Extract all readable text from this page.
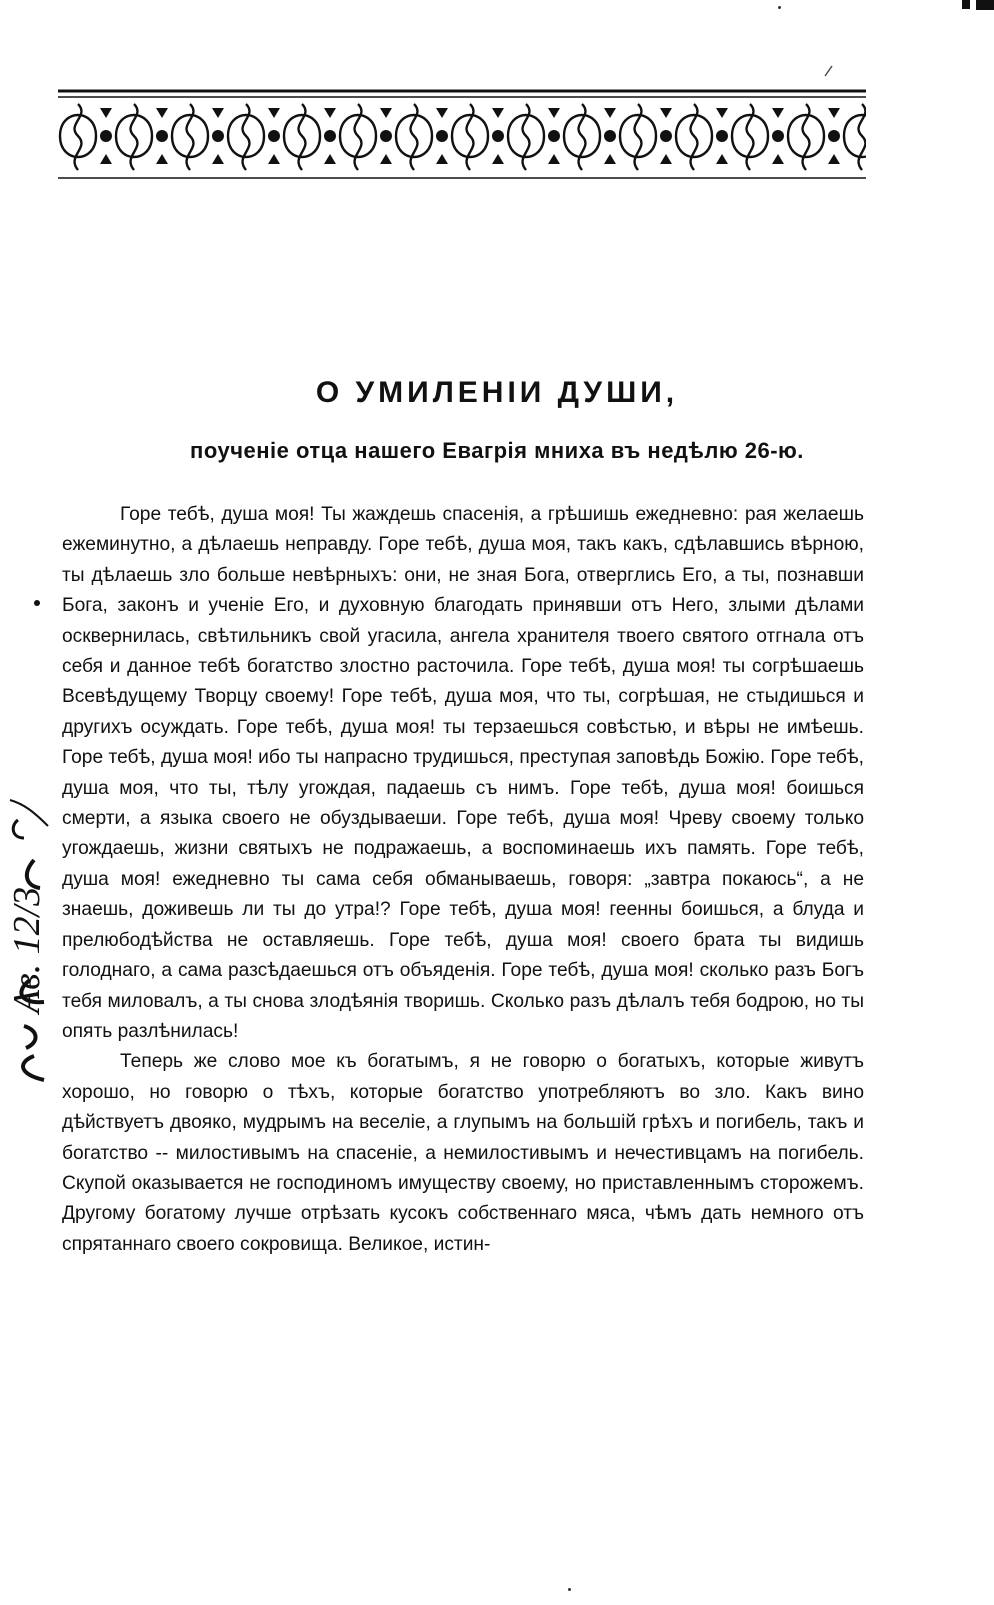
Ав. 12/3
О УМИЛЕНІИ ДУШИ,
поученіе отца нашего Евагрія мниха въ недѣлю 26-ю.

Горе тебѣ, душа моя! Ты жаждешь спасенія, а грѣшишь ежедневно: рая желаешь ежеминутно, а дѣлаешь неправду. Горе тебѣ, душа моя, такъ какъ, сдѣлавшись вѣрною, ты дѣлаешь зло больше невѣрныхъ: они, не зная Бога, отверглись Его, а ты, познавши Бога, законъ и ученіе Его, и духовную благодать принявши отъ Него, злыми дѣлами осквернилась, свѣтильникъ свой угасила, ангела хранителя твоего святого отгнала отъ себя и данное тебѣ богатство злостно расточила. Горе тебѣ, душа моя! ты согрѣшаешь Всевѣдущему Творцу своему! Горе тебѣ, душа моя, что ты, согрѣшая, не стыдишься и другихъ осуждать. Горе тебѣ, душа моя! ты терзаешься совѣстью, и вѣры не имѣешь. Горе тебѣ, душа моя! ибо ты напрасно трудишься, преступая заповѣдь Божію. Горе тебѣ, душа моя, что ты, тѣлу угождая, падаешь съ нимъ. Горе тебѣ, душа моя! боишься смерти, а языка своего не обуздываеши. Горе тебѣ, душа моя! Чреву своему только угождаешь, жизни святыхъ не подражаешь, а воспоминаешь ихъ память. Горе тебѣ, душа моя! ежедневно ты сама себя обманываешь, говоря: „завтра покаюсь“, а не знаешь, доживешь ли ты до утра!? Горе тебѣ, душа моя! геенны боишься, а блуда и прелюбодѣйства не оставляешь. Горе тебѣ, душа моя! своего брата ты видишь голоднаго, а сама разсѣдаешься отъ объяденія. Горе тебѣ, душа моя! сколько разъ Богъ тебя миловалъ, а ты снова злодѣянія творишь. Сколько разъ дѣлалъ тебя бодрою, но ты опять разлѣнилась!

Теперь же слово мое къ богатымъ, я не говорю о богатыхъ, которые живутъ хорошо, но говорю о тѣхъ, которые богатство употребляютъ во зло. Какъ вино дѣйствуетъ двояко, мудрымъ на веселіе, а глупымъ на большій грѣхъ и погибель, такъ и богатство -- милостивымъ на спасеніе, а немилостивымъ и нечестивцамъ на погибель. Скупой оказывается не господиномъ имуществу своему, но приставленнымъ сторожемъ. Другому богатому лучше отрѣзать кусокъ собственнаго мяса, чѣмъ дать немного отъ спрятаннаго своего сокровища. Великое, истин-
